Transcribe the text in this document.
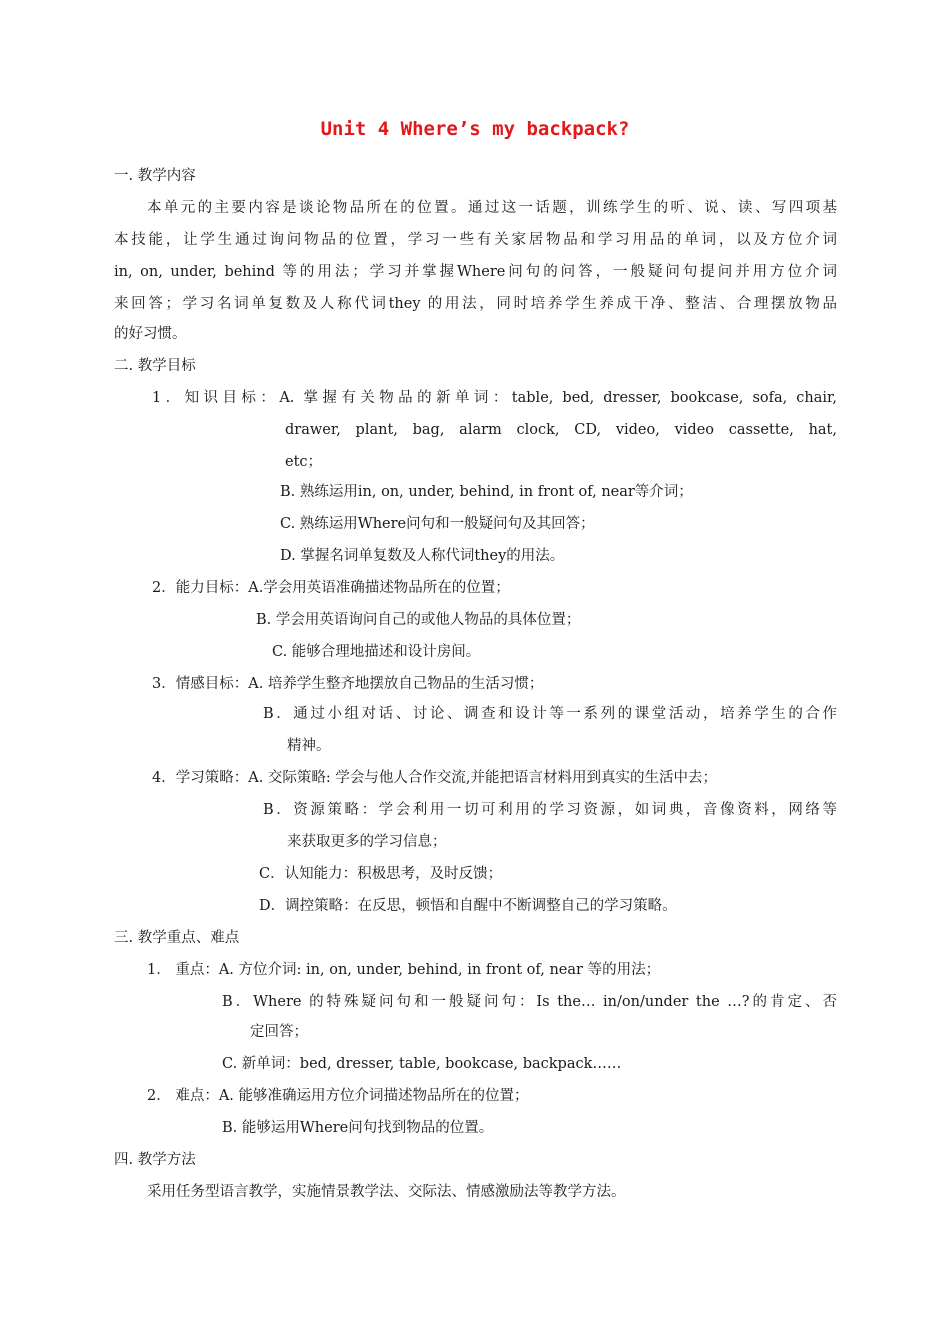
Unit 4 Where’s my backpack?
一. 教学内容
本单元的主要内容是谈论物品所在的位置。通过这一话题，训练学生的听、说、读、写四项基
本技能，让学生通过询问物品的位置，学习一些有关家居物品和学习用品的单词，以及方位介词
in, on, under, behind 等的用法；学习并掌握Where问句的问答，一般疑问句提问并用方位介词
来回答；学习名词单复数及人称代词they 的用法，同时培养学生养成干净、整洁、合理摆放物品
的好习惯。
二. 教学目标
1．知识目标：A. 掌握有关物品的新单词：table, bed, dresser, bookcase, sofa, chair,
drawer, plant, bag, alarm clock, CD, video, video cassette, hat,
etc；
B. 熟练运用in, on, under, behind, in front of, near等介词；
C. 熟练运用Where问句和一般疑问句及其回答；
D. 掌握名词单复数及人称代词they的用法。
2．能力目标：A.学会用英语准确描述物品所在的位置；
B. 学会用英语询问自己的或他人物品的具体位置；
C. 能够合理地描述和设计房间。
3．情感目标：A. 培养学生整齐地摆放自己物品的生活习惯；
B．通过小组对话、讨论、调查和设计等一系列的课堂活动，培养学生的合作
精神。
4．学习策略：A. 交际策略: 学会与他人合作交流,并能把语言材料用到真实的生活中去；
B．资源策略：学会利用一切可利用的学习资源，如词典，音像资料，网络等
来获取更多的学习信息；
C．认知能力：积极思考，及时反馈；
D．调控策略：在反思，顿悟和自醒中不断调整自己的学习策略。
三. 教学重点、难点
1． 重点：A. 方位介词: in, on, under, behind, in front of, near 等的用法；
B．Where 的特殊疑问句和一般疑问句：Is the… in/on/under the …?的肯定、否
定回答；
C. 新单词：bed, dresser, table, bookcase, backpack……
2． 难点：A. 能够准确运用方位介词描述物品所在的位置；
B. 能够运用Where问句找到物品的位置。
四. 教学方法
采用任务型语言教学，实施情景教学法、交际法、情感激励法等教学方法。
